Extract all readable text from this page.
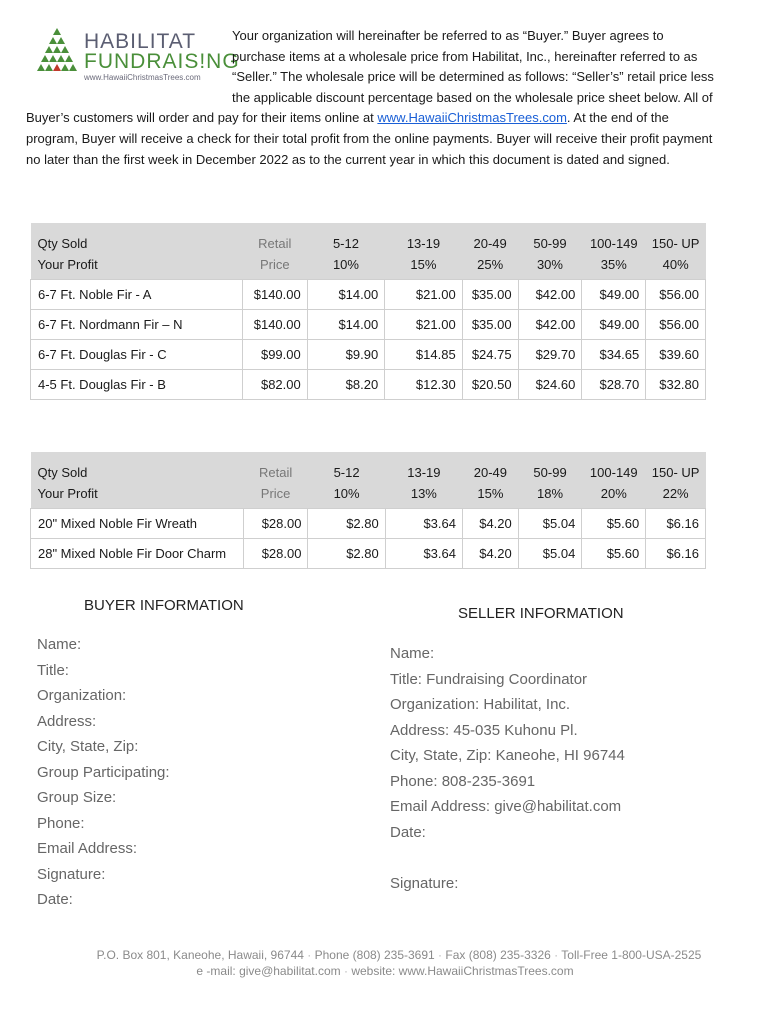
HABILITAT
FUNDRAIS!NG
www.HawaiiChristmasTrees.com

Your organization will hereinafter be referred to as “Buyer.” Buyer agrees to purchase items at a wholesale price from Habilitat, Inc., hereinafter referred to as “Seller.” The wholesale price will be determined as follows: “Seller’s” retail price less the applicable discount percentage based on the wholesale price sheet below. All of Buyer’s customers will order and pay for their items online at www.HawaiiChristmasTrees.com. At the end of the program, Buyer will receive a check for their total profit from the online payments. Buyer will receive their profit payment no later than the first week in December 2022 as to the current year in which this document is dated and signed.

Qty Sold	Retail	5-12	13-19	20-49	50-99	100-149	150- UP
Your Profit	Price	10%	15%	25%	30%	35%	40%
6-7 Ft. Noble Fir - A	$140.00	$14.00	$21.00	$35.00	$42.00	$49.00	$56.00
6-7 Ft. Nordmann Fir – N	$140.00	$14.00	$21.00	$35.00	$42.00	$49.00	$56.00
6-7 Ft. Douglas Fir - C	$99.00	$9.90	$14.85	$24.75	$29.70	$34.65	$39.60
4-5 Ft. Douglas Fir - B	$82.00	$8.20	$12.30	$20.50	$24.60	$28.70	$32.80
Qty Sold	Retail	5-12	13-19	20-49	50-99	100-149	150- UP
Your Profit	Price	10%	13%	15%	18%	20%	22%
20" Mixed Noble Fir Wreath	$28.00	$2.80	$3.64	$4.20	$5.04	$5.60	$6.16
28" Mixed Noble Fir Door Charm	$28.00	$2.80	$3.64	$4.20	$5.04	$5.60	$6.16
BUYER INFORMATION
Name:
Title:
Organization:
Address:
City, State, Zip:
Group Participating:
Group Size:
Phone:
Email Address:
Signature:
Date:
SELLER INFORMATION
Name:
Title: Fundraising Coordinator
Organization: Habilitat, Inc.
Address: 45-035 Kuhonu Pl.
City, State, Zip: Kaneohe, HI 96744
Phone: 808-235-3691
Email Address: give@habilitat.com
Date:
Signature:
P.O. Box 801, Kaneohe, Hawaii, 96744 · Phone (808) 235-3691 · Fax (808) 235-3326 · Toll-Free 1-800-USA-2525
e -mail: give@habilitat.com · website: www.HawaiiChristmasTrees.com
